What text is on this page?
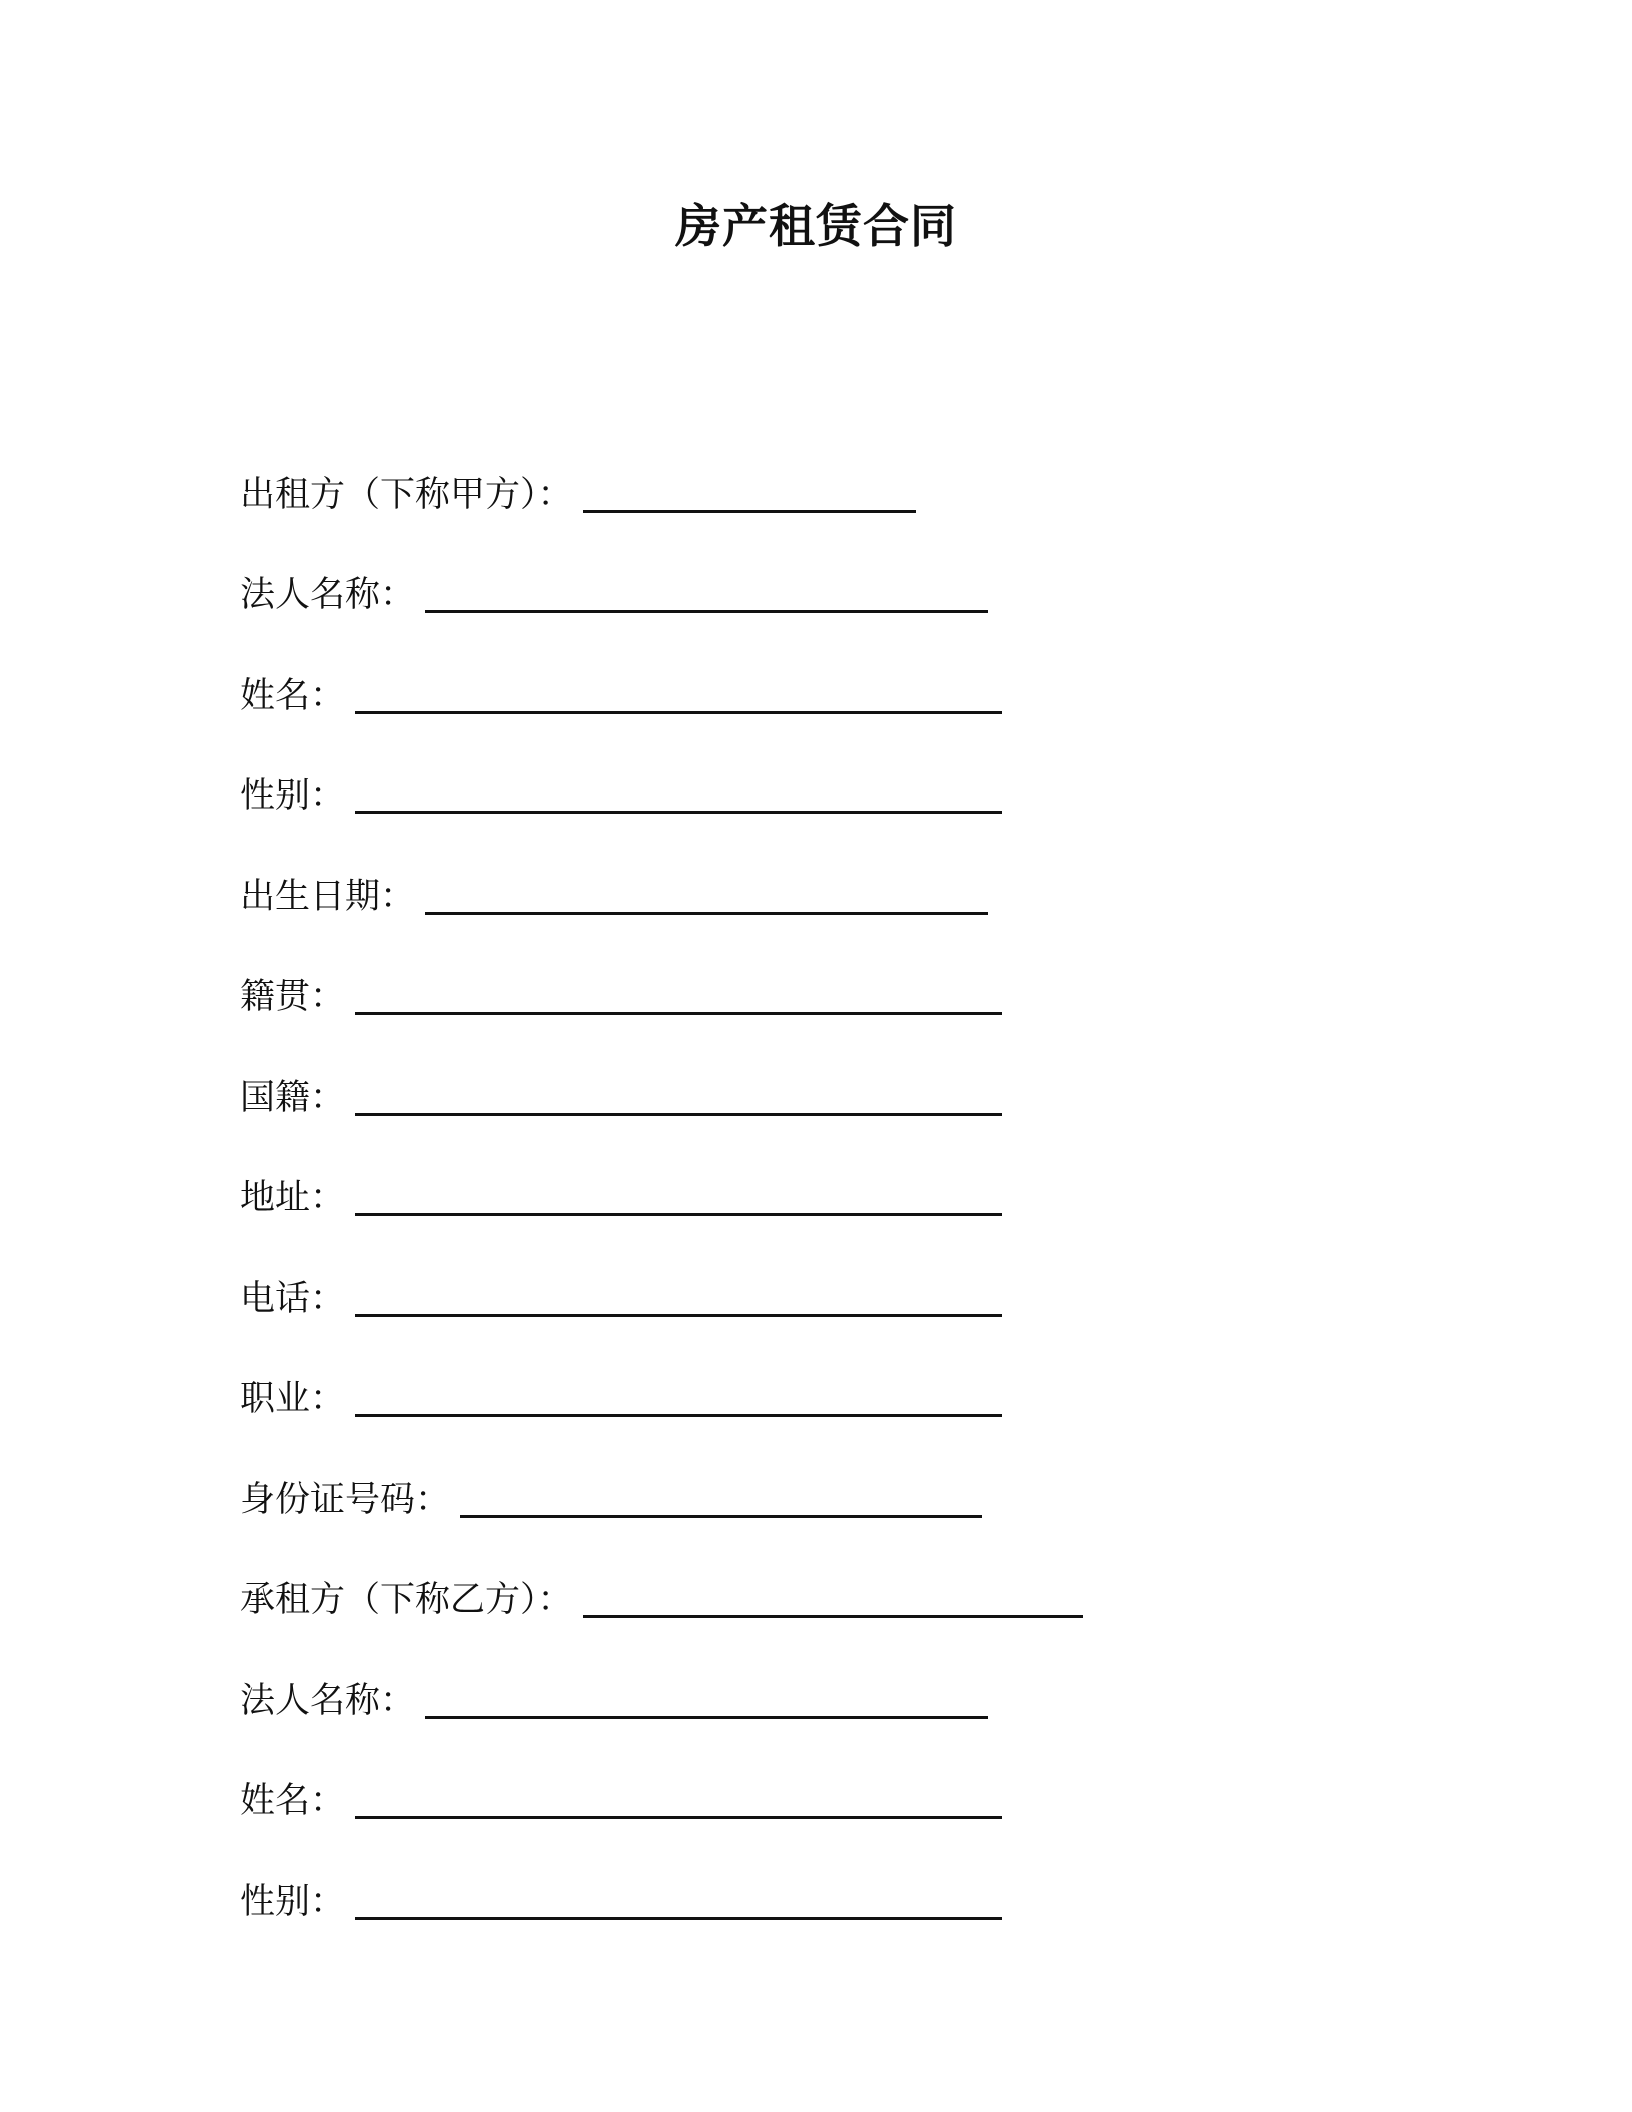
房产租赁合同
出租方（下称甲方）：
法人名称：
姓名：
性别：
出生日期：
籍贯：
国籍：
地址：
电话：
职业：
身份证号码：
承租方（下称乙方）：
法人名称：
姓名：
性别：
